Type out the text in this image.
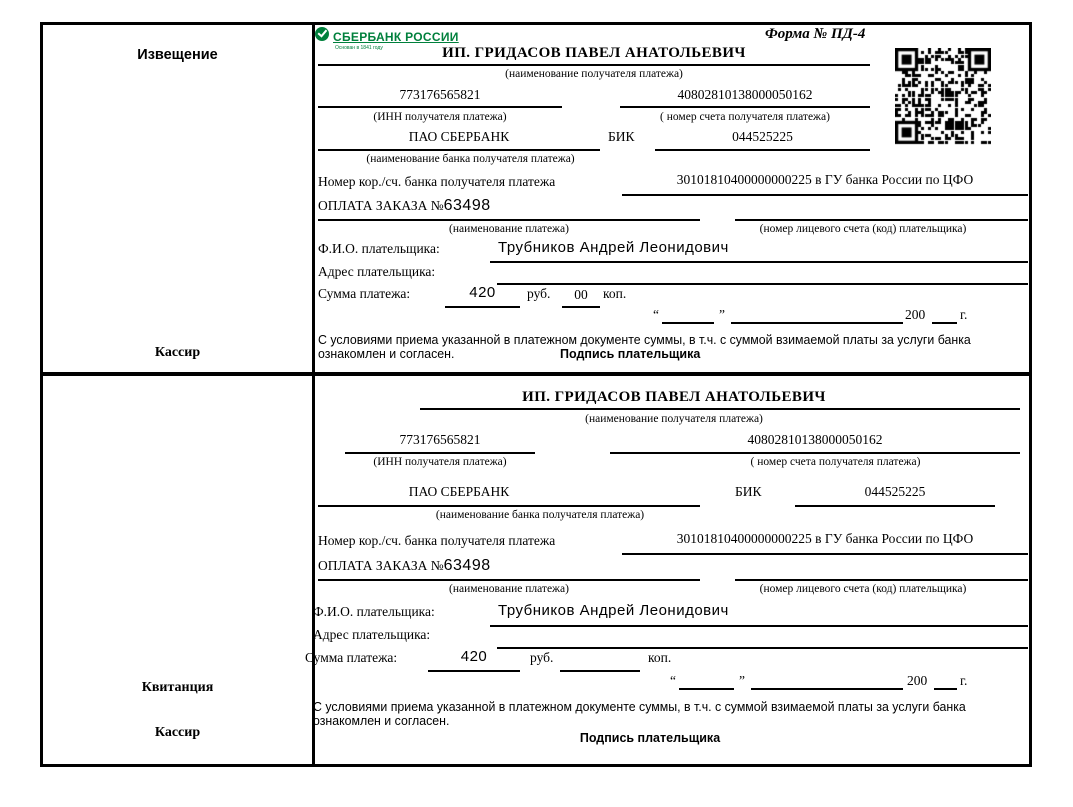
Извещение
Кассир
Квитанция
Кассир
СБЕРБАНК РОССИИ
Основан в 1841 году
Форма № ПД-4
ИП. ГРИДАСОВ ПАВЕЛ АНАТОЛЬЕВИЧ
(наименование получателя платежа)
773176565821	40802810138000050162
(ИНН получателя платежа)	( номер счета получателя платежа)
ПАО СБЕРБАНК	БИК	044525225
(наименование банка получателя платежа)
Номер кор./сч. банка получателя платежа	30101810400000000225 в ГУ банка России по ЦФО
ОПЛАТА ЗАКАЗА №63498
(наименование платежа)	(номер лицевого счета (код) плательщика)
Ф.И.О. плательщика:	Трубников Андрей Леонидович
Адрес плательщика:
Сумма платежа:	420	руб.	00	коп.
“	”	200	г.
С условиями приема указанной в платежном документе суммы, в т.ч. с суммой взимаемой платы за услуги банка
ознакомлен и согласен.	Подпись плательщика
ИП. ГРИДАСОВ ПАВЕЛ АНАТОЛЬЕВИЧ
(наименование получателя платежа)
773176565821	40802810138000050162
(ИНН получателя платежа)	( номер счета получателя платежа)
ПАО СБЕРБАНК	БИК	044525225
(наименование банка получателя платежа)
Номер кор./сч. банка получателя платежа	30101810400000000225 в ГУ банка России по ЦФО
ОПЛАТА ЗАКАЗА №63498
(наименование платежа)	(номер лицевого счета (код) плательщика)
Ф.И.О. плательщика:	Трубников Андрей Леонидович
Адрес плательщика:
Сумма платежа:	420	руб.	коп.
“	”	200 г.
С условиями приема указанной в платежном документе суммы, в т.ч. с суммой взимаемой платы за услуги банка
ознакомлен и согласен.
Подпись плательщика
